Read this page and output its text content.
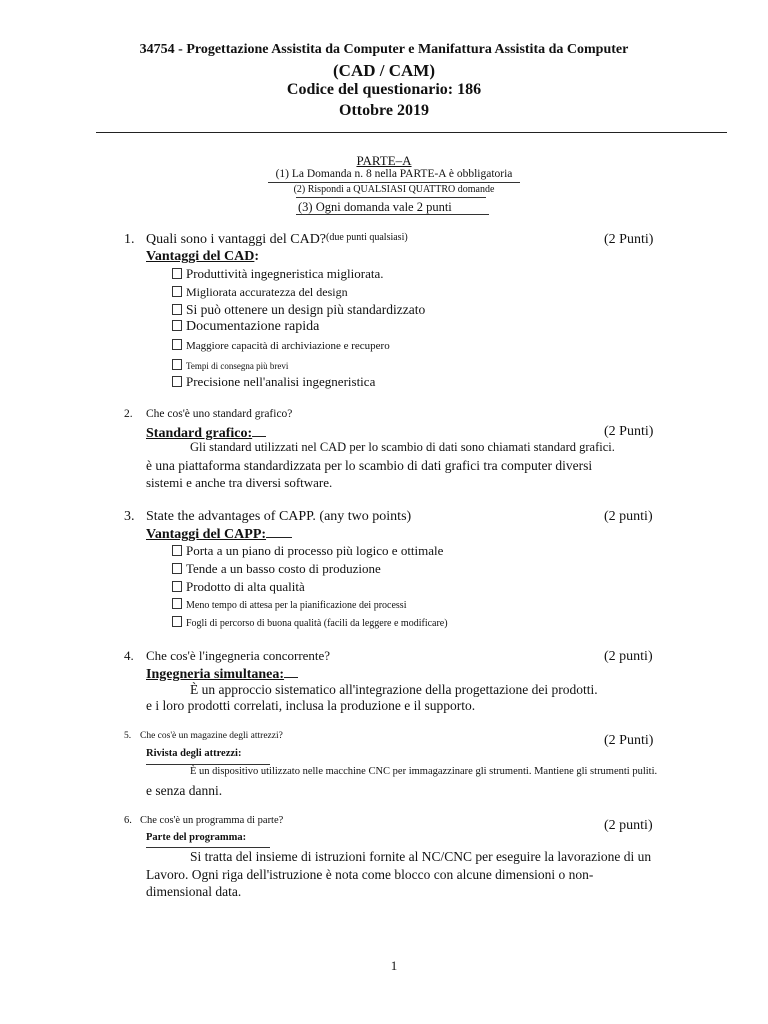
34754 - Progettazione Assistita da Computer e Manifattura Assistita da Computer
(CAD / CAM)
Codice del questionario: 186
Ottobre 2019
PARTE–A
(1) La Domanda n. 8 nella PARTE-A è obbligatoria
(2) Rispondi a QUALSIASI QUATTRO domande
(3) Ogni domanda vale 2 punti
1. Quali sono i vantaggi del CAD?$^{(due punti qualsiasi)}$	(2 Punti)
Vantaggi del CAD:
Produttività ingegneristica migliorata.
Migliorata accuratezza del design
Si può ottenere un design più standardizzato
Documentazione rapida
Maggiore capacità di archiviazione e recupero
Tempi di consegna più brevi
Precisione nell'analisi ingegneristica
2. Che cos'è uno standard grafico?
(2 Punti)
Standard grafico:
Gli standard utilizzati nel CAD per lo scambio di dati sono chiamati standard grafici.
è una piattaforma standardizzata per lo scambio di dati grafici tra computer diversi
sistemi e anche tra diversi software.
3. State the advantages of CAPP. (any two points)	(2 punti)
Vantaggi del CAPP:
Porta a un piano di processo più logico e ottimale
Tende a un basso costo di produzione
Prodotto di alta qualità
Meno tempo di attesa per la pianificazione dei processi
Fogli di percorso di buona qualità (facili da leggere e modificare)
4. Che cos'è l'ingegneria concorrente?	(2 punti)
Ingegneria simultanea:
È un approccio sistematico all'integrazione della progettazione dei prodotti.
e i loro prodotti correlati, inclusa la produzione e il supporto.
5. Che cos'è un magazine degli attrezzi?	(2 Punti)
Rivista degli attrezzi:
È un dispositivo utilizzato nelle macchine CNC per immagazzinare gli strumenti. Mantiene gli strumenti puliti.
e senza danni.
6. Che cos'è un programma di parte?	(2 punti)
Parte del programma:
Si tratta del insieme di istruzioni fornite al NC/CNC per eseguire la lavorazione di un
Lavoro. Ogni riga dell'istruzione è nota come blocco con alcune dimensioni o non-
dimensional data.
1
